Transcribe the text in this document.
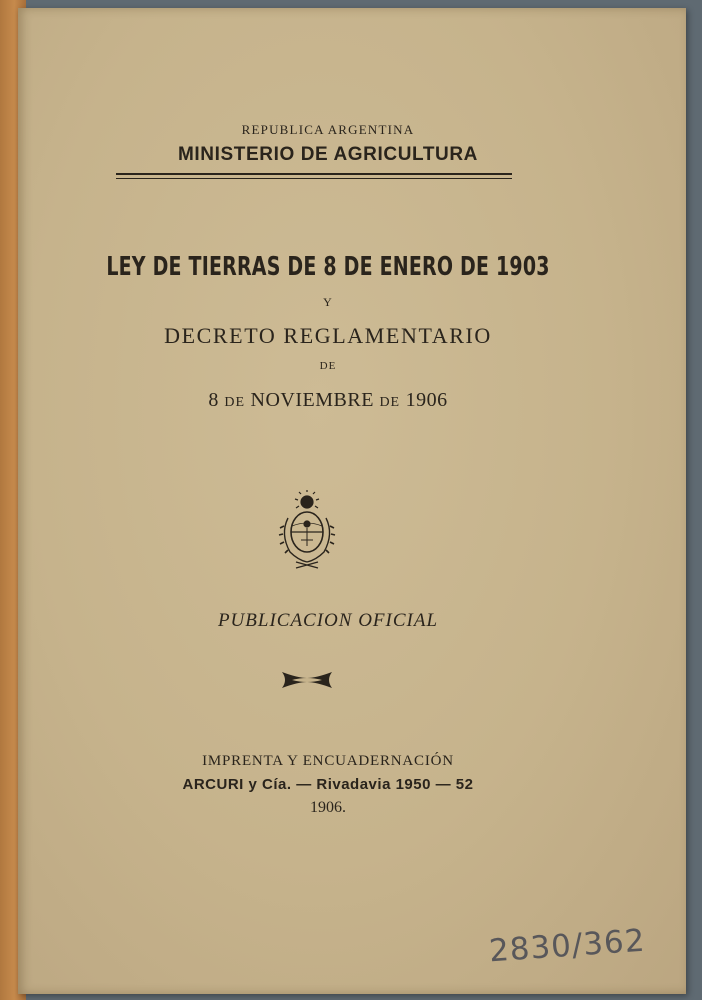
REPUBLICA ARGENTINA
MINISTERIO DE AGRICULTURA
LEY DE TIERRAS DE 8 DE ENERO DE 1903
Y
DECRETO REGLAMENTARIO
DE
8 DE NOVIEMBRE DE 1906
PUBLICACION OFICIAL
IMPRENTA Y ENCUADERNACIÓN
ARCURI y Cía. — Rivadavia 1950 — 52
1906.
2830/362
